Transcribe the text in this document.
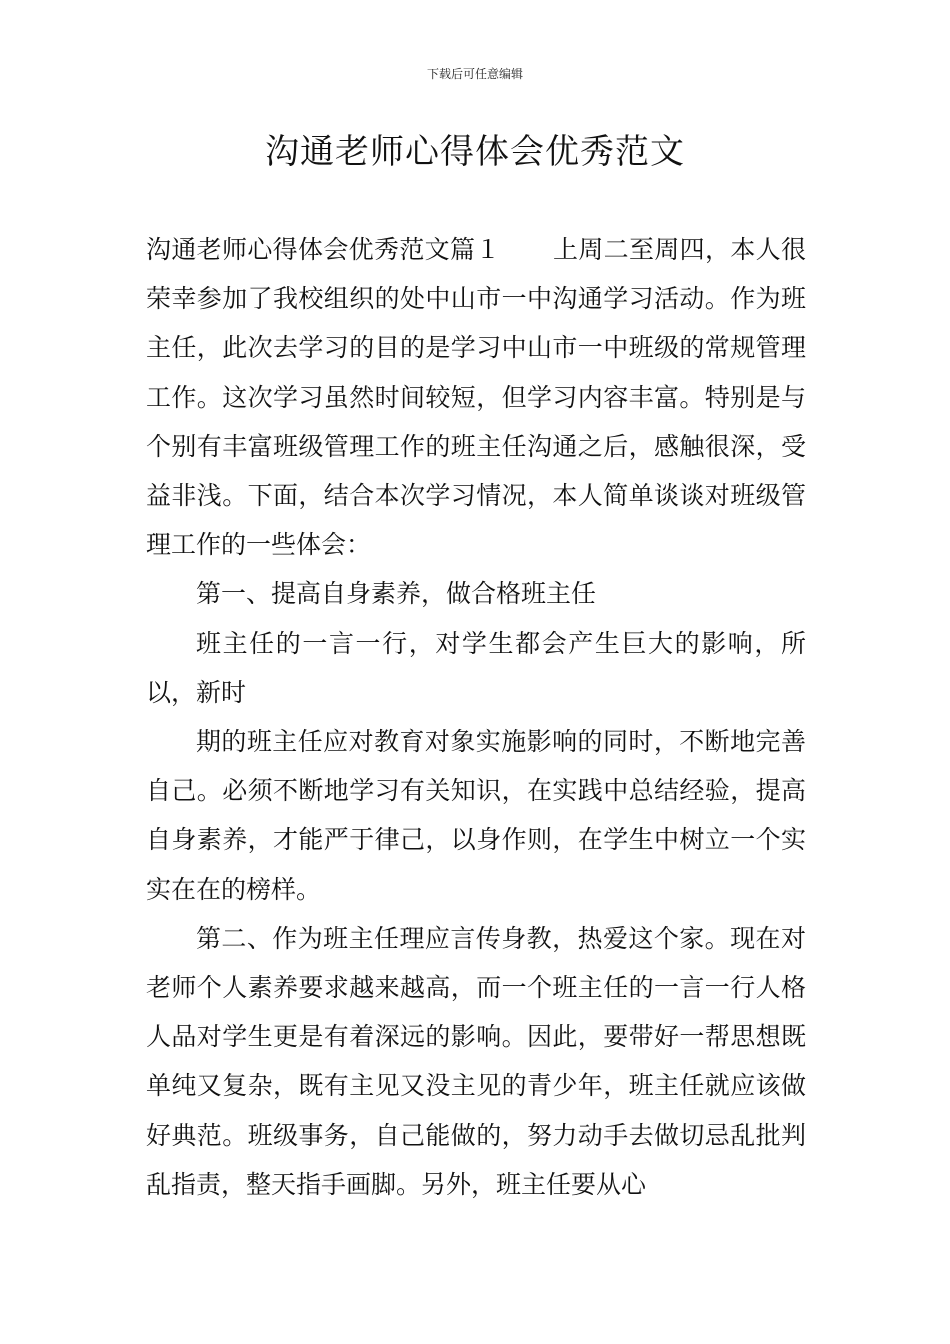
下载后可任意编辑
沟通老师心得体会优秀范文

沟通老师心得体会优秀范文篇１ 上周二至周四，本人很荣幸参加了我校组织的处中山市一中沟通学习活动。作为班主任，此次去学习的目的是学习中山市一中班级的常规管理工作。这次学习虽然时间较短，但学习内容丰富。特别是与个别有丰富班级管理工作的班主任沟通之后，感触很深，受益非浅。下面，结合本次学习情况，本人简单谈谈对班级管理工作的一些体会：

第一、提高自身素养，做合格班主任

班主任的一言一行，对学生都会产生巨大的影响，所以，新时

期的班主任应对教育对象实施影响的同时，不断地完善自己。必须不断地学习有关知识，在实践中总结经验，提高自身素养，才能严于律己，以身作则，在学生中树立一个实实在在的榜样。

第二、作为班主任理应言传身教，热爱这个家。现在对老师个人素养要求越来越高，而一个班主任的一言一行人格人品对学生更是有着深远的影响。因此，要带好一帮思想既单纯又复杂，既有主见又没主见的青少年，班主任就应该做好典范。班级事务，自己能做的，努力动手去做切忌乱批判乱指责，整天指手画脚。另外，班主任要从心
